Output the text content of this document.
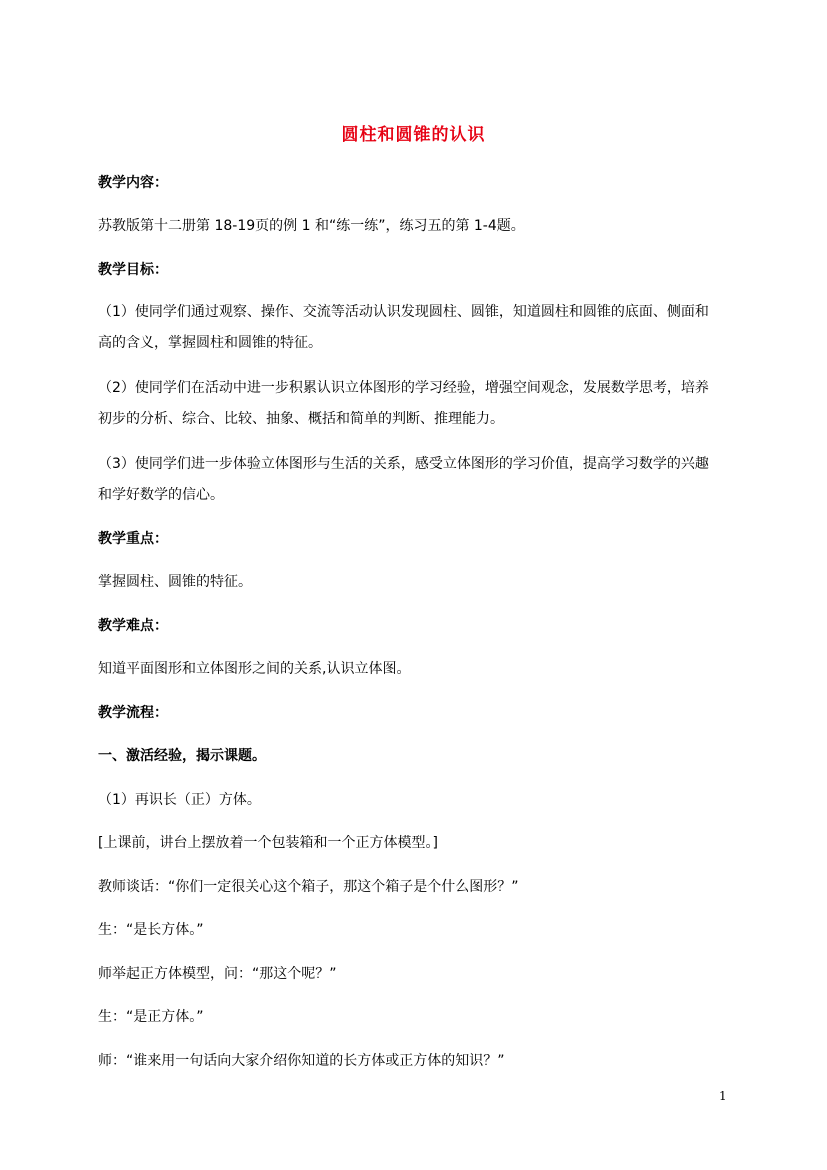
圆柱和圆锥的认识
教学内容：
苏教版第十二册第 18-19页的例 1 和“练一练”，练习五的第 1-4题。
教学目标：
（1）使同学们通过观察、操作、交流等活动认识发现圆柱、圆锥，知道圆柱和圆锥的底面、侧面和
高的含义，掌握圆柱和圆锥的特征。
（2）使同学们在活动中进一步积累认识立体图形的学习经验，增强空间观念，发展数学思考，培养
初步的分析、综合、比较、抽象、概括和简单的判断、推理能力。
（3）使同学们进一步体验立体图形与生活的关系，感受立体图形的学习价值，提高学习数学的兴趣
和学好数学的信心。
教学重点：
掌握圆柱、圆锥的特征。
教学难点：
知道平面图形和立体图形之间的关系,认识立体图。
教学流程：
一、激活经验，揭示课题。
（1）再识长（正）方体。
[上课前，讲台上摆放着一个包装箱和一个正方体模型。]
教师谈话：“你们一定很关心这个箱子，那这个箱子是个什么图形？”
生：“是长方体。”
师举起正方体模型，问：“那这个呢？”
生：“是正方体。”
师：“谁来用一句话向大家介绍你知道的长方体或正方体的知识？”
1
